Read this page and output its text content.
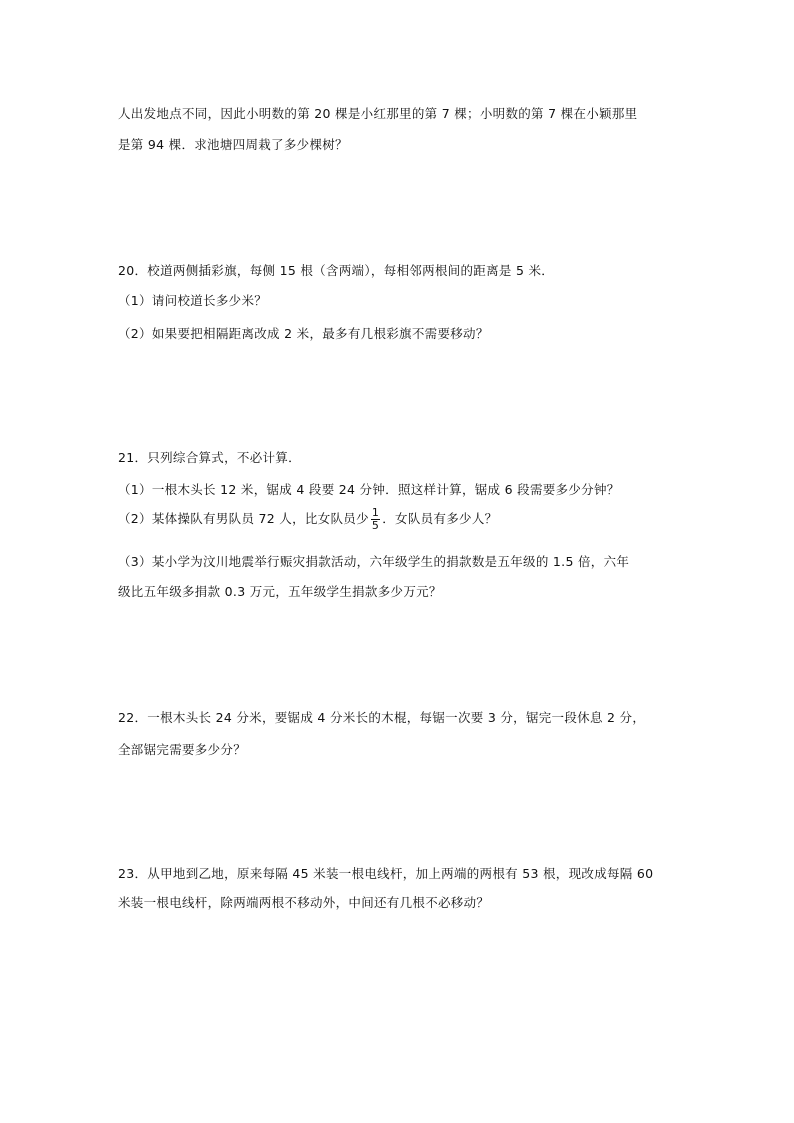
人出发地点不同，因此小明数的第 20 棵是小红那里的第 7 棵；小明数的第 7 棵在小颖那里
是第 94 棵．求池塘四周栽了多少棵树？
20．校道两侧插彩旗，每侧 15 根（含两端），每相邻两根间的距离是 5 米．
（1）请问校道长多少米？
（2）如果要把相隔距离改成 2 米，最多有几根彩旗不需要移动？
21．只列综合算式，不必计算．
（1）一根木头长 12 米，锯成 4 段要 24 分钟．照这样计算，锯成 6 段需要多少分钟？
（2）某体操队有男队员 72 人，比女队员少 $\frac{1}{5}$ ．女队员有多少人？
（3）某小学为汶川地震举行赈灾捐款活动，六年级学生的捐款数是五年级的 1.5 倍，六年
级比五年级多捐款 0.3 万元，五年级学生捐款多少万元？
22．一根木头长 24 分米，要锯成 4 分米长的木棍，每锯一次要 3 分，锯完一段休息 2 分，
全部锯完需要多少分？
23．从甲地到乙地，原来每隔 45 米装一根电线杆，加上两端的两根有 53 根，现改成每隔 60
米装一根电线杆，除两端两根不移动外，中间还有几根不必移动？
